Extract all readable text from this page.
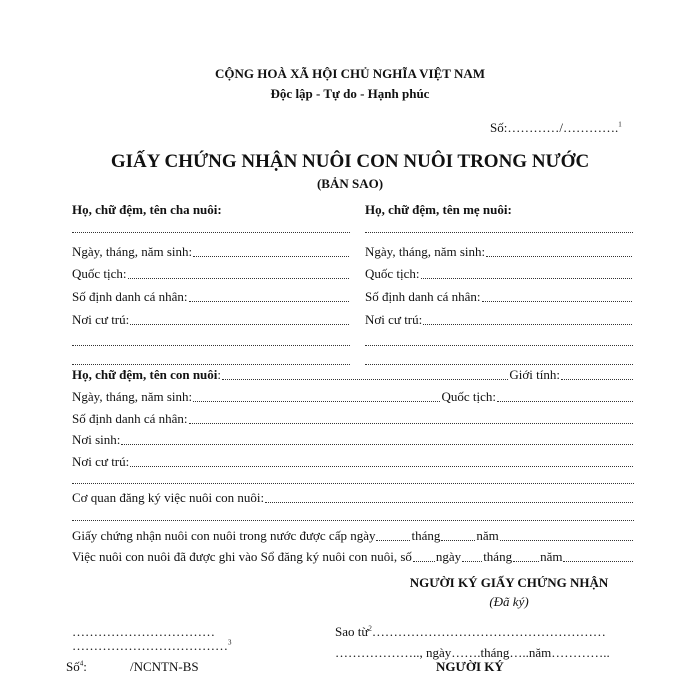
CỘNG HOÀ XÃ HỘI CHỦ NGHĨA VIỆT NAM
Độc lập - Tự do - Hạnh phúc
Số:…………/………….$^1$
GIẤY CHỨNG NHẬN NUÔI CON NUÔI TRONG NƯỚC
(BẢN SAO)
Họ, chữ đệm, tên cha nuôi:
Ngày, tháng, năm sinh:
Quốc tịch:
Số định danh cá nhân:
Nơi cư trú:
Họ, chữ đệm, tên mẹ nuôi:
Ngày, tháng, năm sinh:
Quốc tịch:
Số định danh cá nhân:
Nơi cư trú:
Họ, chữ đệm, tên con nuôi :	Giới tính:
Ngày, tháng, năm sinh:	Quốc tịch:
Số định danh cá nhân:
Nơi sinh:
Nơi cư trú:
Cơ quan đăng ký việc nuôi con nuôi:
Giấy chứng nhận nuôi con nuôi trong nước được cấp ngày	tháng	năm
Việc nuôi con nuôi đã được ghi vào Sổ đăng ký nuôi con nuôi, số ngày tháng năm
NGƯỜI KÝ GIẤY CHỨNG NHẬN
(Đã ký)
……………………………
………………………………$^3$
Sao từ$^2$………………………………………………
……………….., ngày…….tháng…..năm…………..
Số$^4$:	/NCNTN-BS	NGƯỜI KÝ
